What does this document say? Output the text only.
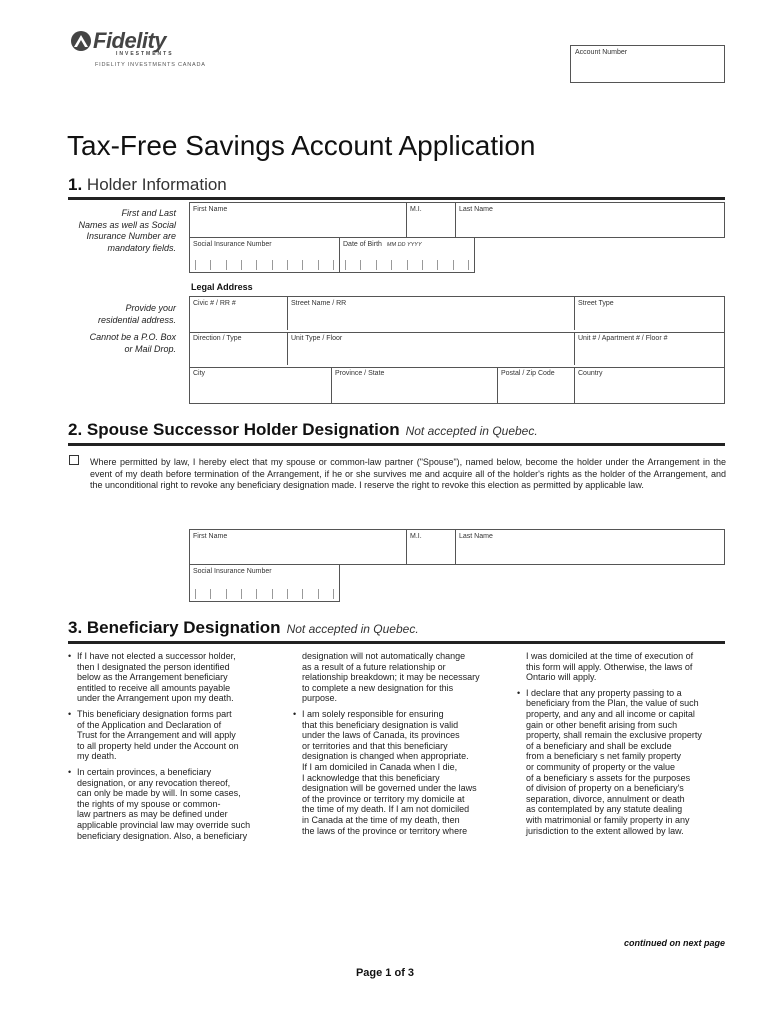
Fidelity
INVESTMENTS
FIDELITY INVESTMENTS CANADA
Account Number
Tax-Free Savings Account Application
1. Holder Information
First and Last
Names as well as Social
Insurance Number are
mandatory fields.
First Name	M.I.	Last Name
Social Insurance Number	Date of Birth MM DD YYYY
Legal Address
Provide your
residential address.
Cannot be a P.O. Box
or Mail Drop.
Civic # / RR #	Street Name / RR	Street Type
Direction / Type	Unit Type / Floor	Unit # / Apartment # / Floor #
City	Province / State	Postal / Zip Code	Country
2. Spouse Successor Holder Designation Not accepted in Quebec.
Where permitted by law, I hereby elect that my spouse or common-law partner ("Spouse"), named below, become the holder under the Arrangement in the event of my death before termination of the Arrangement, if he or she survives me and acquire all of the holder's rights as the holder of the Arrangement, and the unconditional right to revoke any beneficiary designation made. I reserve the right to revoke this election as permitted by applicable law.
First Name	M.I.	Last Name
Social Insurance Number
3. Beneficiary Designation Not accepted in Quebec.
• If I have not elected a successor holder,
then I designated the person identified
below as the Arrangement beneficiary
entitled to receive all amounts payable
under the Arrangement upon my death.
• This beneficiary designation forms part
of the Application and Declaration of
Trust for the Arrangement and will apply
to all property held under the Account on
my death.
• In certain provinces, a beneficiary
designation, or any revocation thereof,
can only be made by will. In some cases,
the rights of my spouse or common-
law partners as may be defined under
applicable provincial law may override such
beneficiary designation. Also, a beneficiary
designation will not automatically change
as a result of a future relationship or
relationship breakdown; it may be necessary
to complete a new designation for this
purpose.
• I am solely responsible for ensuring
that this beneficiary designation is valid
under the laws of Canada, its provinces
or territories and that this beneficiary
designation is changed when appropriate.
If I am domiciled in Canada when I die,
I acknowledge that this beneficiary
designation will be governed under the laws
of the province or territory my domicile at
the time of my death. If I am not domiciled
in Canada at the time of my death, then
the laws of the province or territory where
I was domiciled at the time of execution of
this form will apply. Otherwise, the laws of
Ontario will apply.
• I declare that any property passing to a
beneficiary from the Plan, the value of such
property, and any and all income or capital
gain or other benefit arising from such
property, shall remain the exclusive property
of a beneficiary and shall be exclude
from a beneficiary s net family property
or community of property or the value
of a beneficiary s assets for the purposes
of division of property on a beneficiary's
separation, divorce, annulment or death
as contemplated by any statute dealing
with matrimonial or family property in any
jurisdiction to the extent allowed by law.
continued on next page
Page 1 of 3
